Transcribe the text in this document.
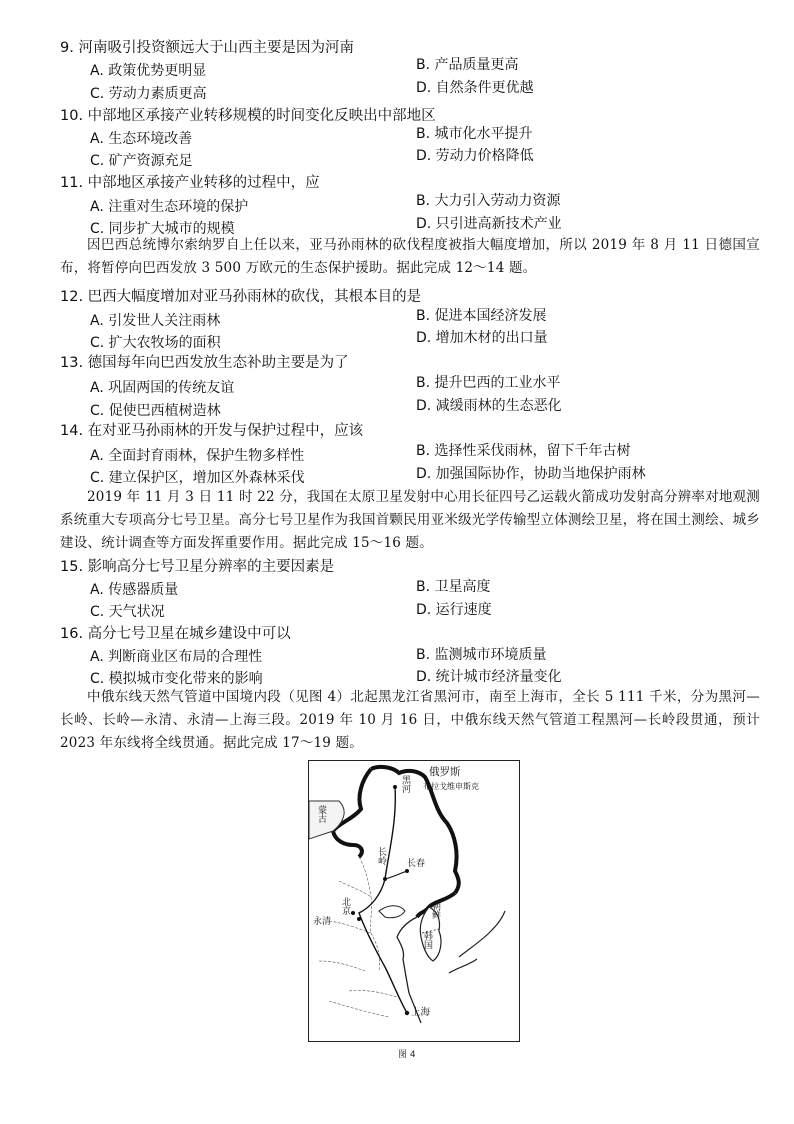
9. 河南吸引投资额远大于山西主要是因为河南
A. 政策优势更明显	B. 产品质量更高
C. 劳动力素质更高	D. 自然条件更优越
10. 中部地区承接产业转移规模的时间变化反映出中部地区
A. 生态环境改善	B. 城市化水平提升
C. 矿产资源充足	D. 劳动力价格降低
11. 中部地区承接产业转移的过程中，应
A. 注重对生态环境的保护	B. 大力引入劳动力资源
C. 同步扩大城市的规模	D. 只引进高新技术产业
因巴西总统博尔索纳罗自上任以来，亚马孙雨林的砍伐程度被指大幅度增加，所以 2019 年 8 月 11 日德国宣布，将暂停向巴西发放 3 500 万欧元的生态保护援助。据此完成 12～14 题。
12. 巴西大幅度增加对亚马孙雨林的砍伐，其根本目的是
A. 引发世人关注雨林	B. 促进本国经济发展
C. 扩大农牧场的面积	D. 增加木材的出口量
13. 德国每年向巴西发放生态补助主要是为了
A. 巩固两国的传统友谊	B. 提升巴西的工业水平
C. 促使巴西植树造林	D. 减缓雨林的生态恶化
14. 在对亚马孙雨林的开发与保护过程中，应该
A. 全面封育雨林，保护生物多样性	B. 选择性采伐雨林，留下千年古树
C. 建立保护区，增加区外森林采伐	D. 加强国际协作，协助当地保护雨林
2019 年 11 月 3 日 11 时 22 分，我国在太原卫星发射中心用长征四号乙运载火箭成功发射高分辨率对地观测系统重大专项高分七号卫星。高分七号卫星作为我国首颗民用亚米级光学传输型立体测绘卫星，将在国土测绘、城乡建设、统计调查等方面发挥重要作用。据此完成 15～16 题。
15. 影响高分七号卫星分辨率的主要因素是
A. 传感器质量	B. 卫星高度
C. 天气状况	D. 运行速度
16. 高分七号卫星在城乡建设中可以
A. 判断商业区布局的合理性	B. 监测城市环境质量
C. 模拟城市变化带来的影响	D. 统计城市经济量变化
中俄东线天然气管道中国境内段（见图 4）北起黑龙江省黑河市，南至上海市，全长 5 111 千米，分为黑河—长岭、长岭—永清、永清—上海三段。2019 年 10 月 16 日，中俄东线天然气管道工程黑河—长岭段贯通，预计 2023 年东线将全线贯通。据此完成 17～19 题。
俄罗斯
布拉戈维申斯克
黑河
蒙古
长岭 长春
朝鲜
韩国
北京
永清
上海
图 4
